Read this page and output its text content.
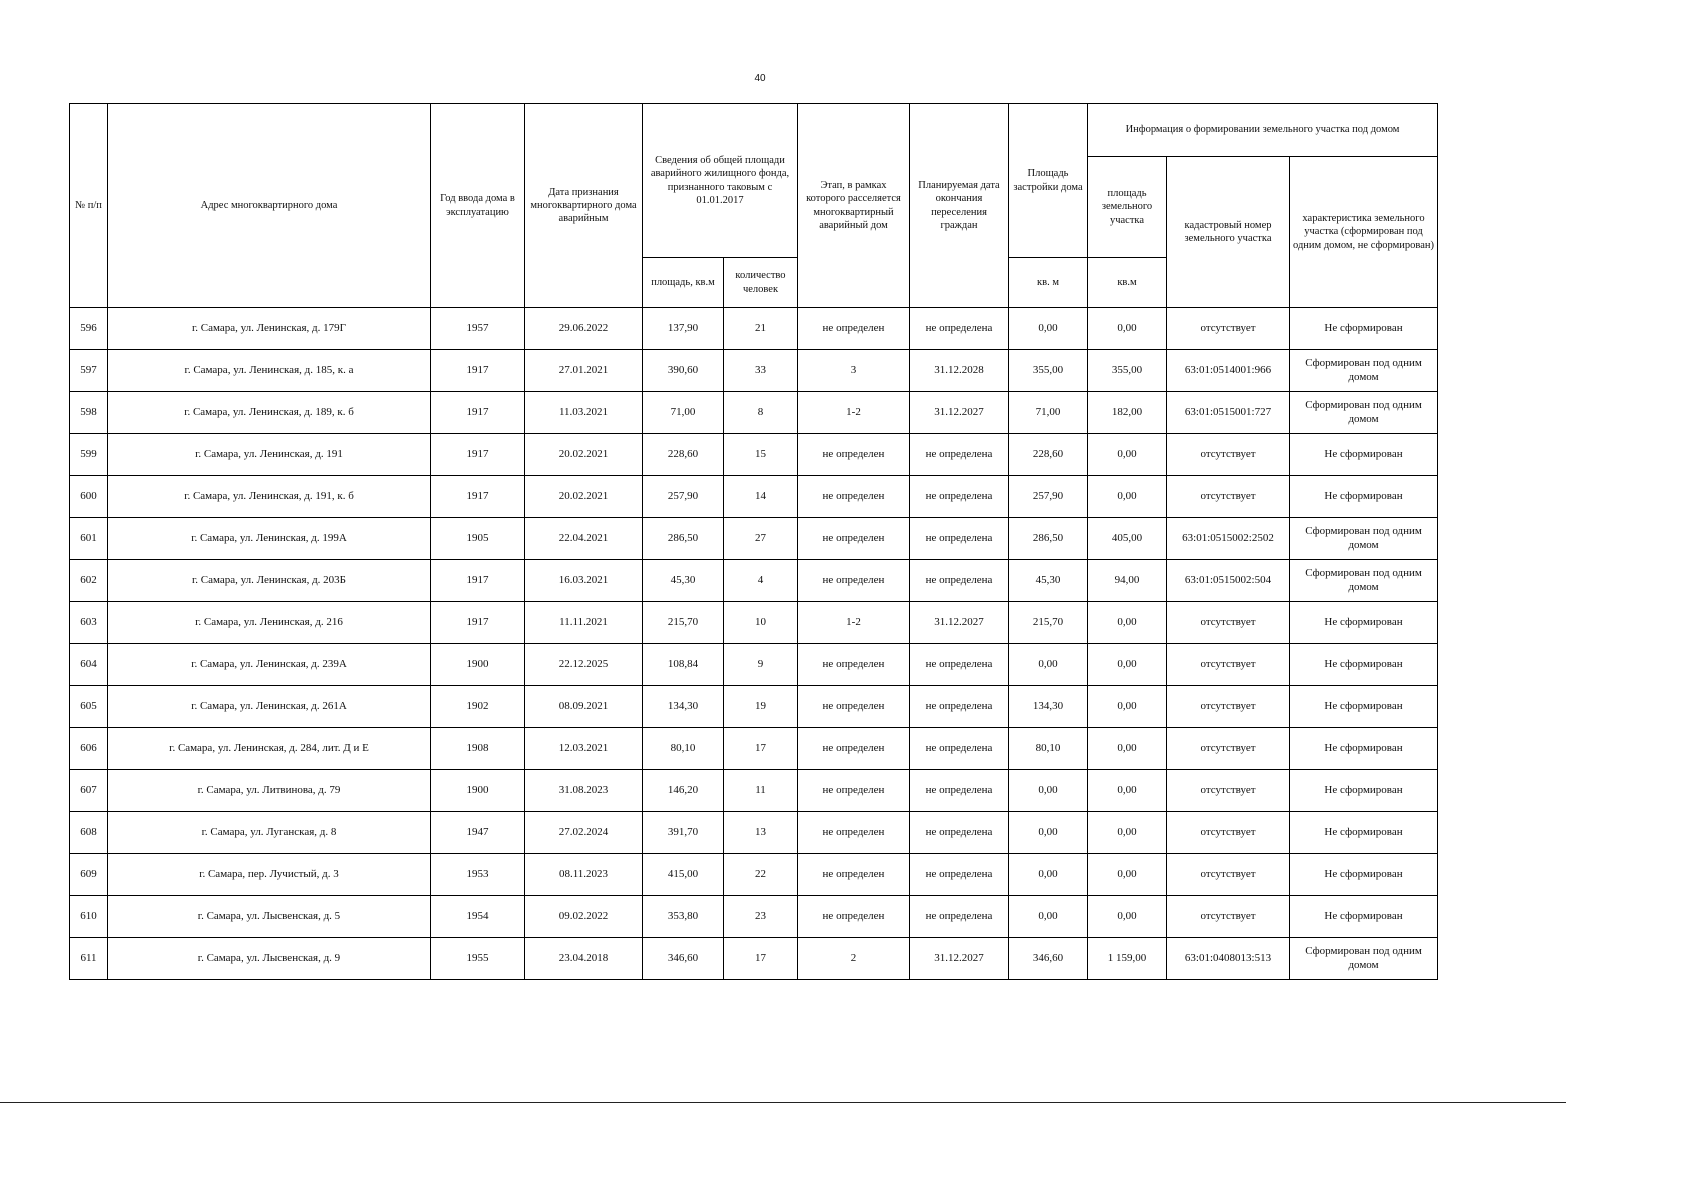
40
№ п/п	Адрес многоквартирного дома	Год ввода дома в эксплуатацию	Дата признания многоквартирного дома аварийным	Сведения об общей площади аварийного жилищного фонда, признанного таковым с 01.01.2017		Этап, в рамках которого расселяется многоквартирный аварийный дом	Планируемая дата окончания переселения граждан	Площадь застройки дома	Информация о формировании земельного участка под домом		
									площадь земельного участка	кадастровый номер земельного участка	характеристика земельного участка (сформирован под одним домом, не сформирован)
				площадь, кв.м	количество человек			кв. м	кв.м		
596	г. Самара, ул. Ленинская, д. 179Г	1957	29.06.2022	137,90	21	не определен	не определена	0,00	0,00	отсутствует	Не сформирован
597	г. Самара, ул. Ленинская, д. 185, к. а	1917	27.01.2021	390,60	33	3	31.12.2028	355,00	355,00	63:01:0514001:966	Сформирован под одним домом
598	г. Самара, ул. Ленинская, д. 189, к. б	1917	11.03.2021	71,00	8	1-2	31.12.2027	71,00	182,00	63:01:0515001:727	Сформирован под одним домом
599	г. Самара, ул. Ленинская, д. 191	1917	20.02.2021	228,60	15	не определен	не определена	228,60	0,00	отсутствует	Не сформирован
600	г. Самара, ул. Ленинская, д. 191, к. б	1917	20.02.2021	257,90	14	не определен	не определена	257,90	0,00	отсутствует	Не сформирован
601	г. Самара, ул. Ленинская, д. 199А	1905	22.04.2021	286,50	27	не определен	не определена	286,50	405,00	63:01:0515002:2502	Сформирован под одним домом
602	г. Самара, ул. Ленинская, д. 203Б	1917	16.03.2021	45,30	4	не определен	не определена	45,30	94,00	63:01:0515002:504	Сформирован под одним домом
603	г. Самара, ул. Ленинская, д. 216	1917	11.11.2021	215,70	10	1-2	31.12.2027	215,70	0,00	отсутствует	Не сформирован
604	г. Самара, ул. Ленинская, д. 239А	1900	22.12.2025	108,84	9	не определен	не определена	0,00	0,00	отсутствует	Не сформирован
605	г. Самара, ул. Ленинская, д. 261А	1902	08.09.2021	134,30	19	не определен	не определена	134,30	0,00	отсутствует	Не сформирован
606	г. Самара, ул. Ленинская, д. 284, лит. Д и Е	1908	12.03.2021	80,10	17	не определен	не определена	80,10	0,00	отсутствует	Не сформирован
607	г. Самара, ул. Литвинова, д. 79	1900	31.08.2023	146,20	11	не определен	не определена	0,00	0,00	отсутствует	Не сформирован
608	г. Самара, ул. Луганская, д. 8	1947	27.02.2024	391,70	13	не определен	не определена	0,00	0,00	отсутствует	Не сформирован
609	г. Самара, пер. Лучистый, д. 3	1953	08.11.2023	415,00	22	не определен	не определена	0,00	0,00	отсутствует	Не сформирован
610	г. Самара, ул. Лысвенская, д. 5	1954	09.02.2022	353,80	23	не определен	не определена	0,00	0,00	отсутствует	Не сформирован
611	г. Самара, ул. Лысвенская, д. 9	1955	23.04.2018	346,60	17	2	31.12.2027	346,60	1 159,00	63:01:0408013:513	Сформирован под одним домом
